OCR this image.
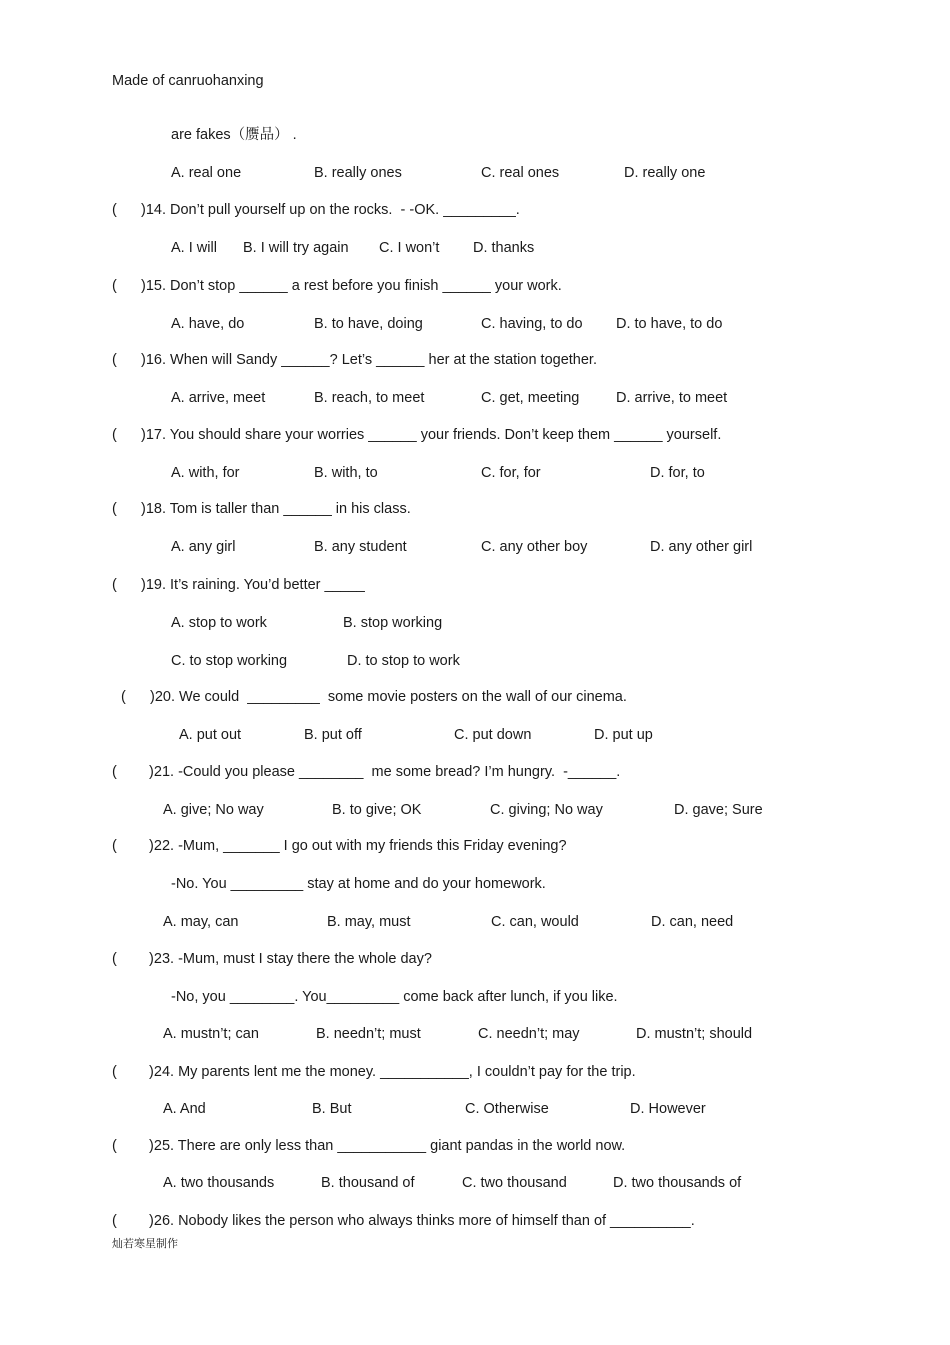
Made of canruohanxing
are fakes（赝品） .
A. real one	B. really ones	C. real ones	D. really one
(      )14. Don’t pull yourself up on the rocks.  - -OK. _________.
A. I will B. I will try again C. I won’t D. thanks
(      )15. Don’t stop ______ a rest before you finish ______ your work.
A. have, do	B. to have, doing	C. having, to do D. to have, to do
(      )16. When will Sandy ______? Let’s ______ her at the station together.
A. arrive, meet	B. reach, to meet	C. get, meeting	D. arrive, to meet
(      )17. You should share your worries ______ your friends. Don’t keep them ______ yourself.
A. with, for	B. with, to	C. for, for	D. for, to
(      )18. Tom is taller than ______ in his class.
A. any girl	B. any student	C. any other boy	D. any other girl
(      )19. It’s raining. You’d better _____
A. stop to work	B. stop working
C. to stop working	D. to stop to work
(      )20. We could  _________  some movie posters on the wall of our cinema.
A. put out	B. put off	C. put down	D. put up
(        )21. -Could you please ________  me some bread? I’m hungry.  -______.
A. give; No way	B. to give; OK	C. giving; No way	D. gave; Sure
(        )22. -Mum, _______ I go out with my friends this Friday evening?
-No. You _________ stay at home and do your homework.
A. may, can	B. may, must	C. can, would	D. can, need
(        )23. -Mum, must I stay there the whole day?
-No, you ________. You_________ come back after lunch, if you like.
A. mustn’t; can	B. needn’t; must	C. needn’t; may	D. mustn’t; should
(        )24. My parents lent me the money. ___________, I couldn’t pay for the trip.
A. And	B. But	C. Otherwise	D. However
(        )25. There are only less than ___________ giant pandas in the world now.
A. two thousands	B. thousand of	C. two thousand	D. two thousands of
(        )26. Nobody likes the person who always thinks more of himself than of __________.
灿若寒星制作
